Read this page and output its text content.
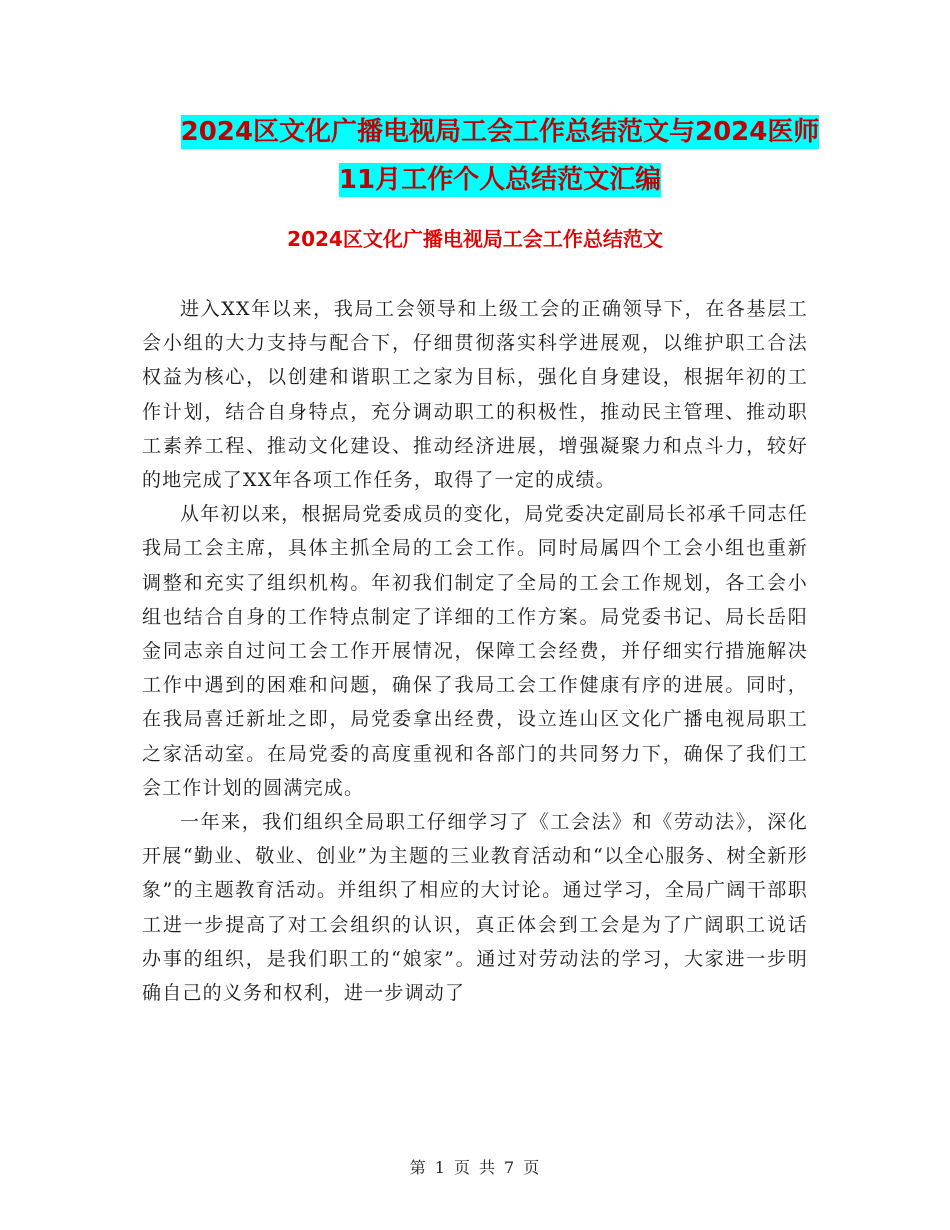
2024区文化广播电视局工会工作总结范文与2024医师
11月工作个人总结范文汇编
2024区文化广播电视局工会工作总结范文

进入XX年以来，我局工会领导和上级工会的正确领导下，在各基层工会小组的大力支持与配合下，仔细贯彻落实科学进展观，以维护职工合法权益为核心，以创建和谐职工之家为目标，强化自身建设，根据年初的工作计划，结合自身特点，充分调动职工的积极性，推动民主管理、推动职工素养工程、推动文化建设、推动经济进展，增强凝聚力和点斗力，较好的地完成了XX年各项工作任务，取得了一定的成绩。

从年初以来，根据局党委成员的变化，局党委决定副局长祁承千同志任我局工会主席，具体主抓全局的工会工作。同时局属四个工会小组也重新调整和充实了组织机构。年初我们制定了全局的工会工作规划，各工会小组也结合自身的工作特点制定了详细的工作方案。局党委书记、局长岳阳金同志亲自过问工会工作开展情况，保障工会经费，并仔细实行措施解决工作中遇到的困难和问题，确保了我局工会工作健康有序的进展。同时，在我局喜迁新址之即，局党委拿出经费，设立连山区文化广播电视局职工之家活动室。在局党委的高度重视和各部门的共同努力下，确保了我们工会工作计划的圆满完成。

一年来，我们组织全局职工仔细学习了《工会法》和《劳动法》，深化开展“勤业、敬业、创业”为主题的三业教育活动和“以全心服务、树全新形象”的主题教育活动。并组织了相应的大讨论。通过学习，全局广阔干部职工进一步提高了对工会组织的认识，真正体会到工会是为了广阔职工说话办事的组织，是我们职工的“娘家”。通过对劳动法的学习，大家进一步明确自己的义务和权利，进一步调动了

第 1 页 共 7 页
